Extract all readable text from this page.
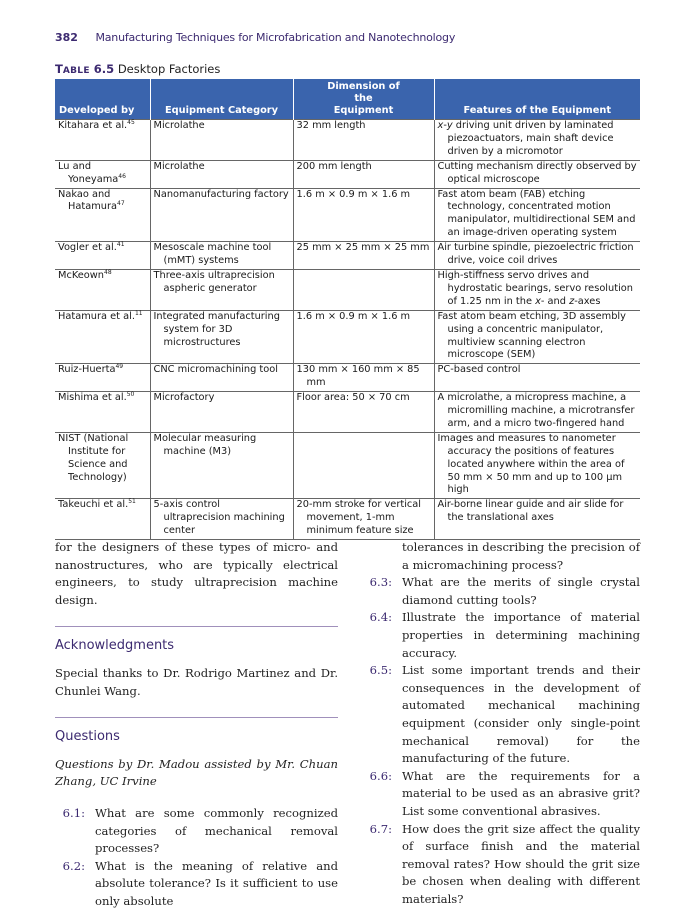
382 Manufacturing Techniques for Microfabrication and Nanotechnology
TABLE 6.5 Desktop Factories
Developed by	Equipment Category	Dimension of the Equipment	Features of the Equipment

Kitahara et al.$^{45}$	Microlathe	32 mm length	x-y driving unit driven by laminated piezoactuators, main shaft device driven by a micromotor

Lu and Yoneyama$^{46}$	Microlathe	200 mm length	Cutting mechanism directly observed by optical microscope

Nakao and Hatamura$^{47}$	Nanomanufacturing factory	1.6 m × 0.9 m × 1.6 m	Fast atom beam (FAB) etching technology, concentrated motion manipulator, multidirectional SEM and an image-driven operating system

Vogler et al.$^{41}$	Mesoscale machine tool (mMT) systems	25 mm × 25 mm × 25 mm	Air turbine spindle, piezoelectric friction drive, voice coil drives

McKeown$^{48}$	Three-axis ultraprecision aspheric generator		High-stiffness servo drives and hydrostatic bearings, servo resolution of 1.25 nm in the x- and z-axes

Hatamura et al.$^{11}$	Integrated manufacturing system for 3D microstructures	1.6 m × 0.9 m × 1.6 m	Fast atom beam etching, 3D assembly using a concentric manipulator, multiview scanning electron microscope (SEM)

Ruiz-Huerta$^{49}$	CNC micromachining tool	130 mm × 160 mm × 85 mm	PC-based control

Mishima et al.$^{50}$	Microfactory	Floor area: 50 × 70 cm	A microlathe, a micropress machine, a micromilling machine, a microtransfer arm, and a micro two-fingered hand

NIST (National Institute for Science and Technology)	Molecular measuring machine (M3)		Images and measures to nanometer accuracy the positions of features located anywhere within the area of 50 mm × 50 mm and up to 100 μm high

Takeuchi et al.$^{51}$	5-axis control ultraprecision machining center	20-mm stroke for vertical movement, 1-mm minimum feature size	Air-borne linear guide and air slide for the translational axes

for the designers of these types of micro- and nanostructures, who are typically electrical engineers, to study ultraprecision machine design.

Acknowledgments

Special thanks to Dr. Rodrigo Martinez and Dr. Chunlei Wang.

Questions

Questions by Dr. Madou assisted by Mr. Chuan Zhang, UC Irvine

6.1: What are some commonly recognized categories of mechanical removal processes?

6.2: What is the meaning of relative and absolute tolerance? Is it sufficient to use only absolute

tolerances in describing the precision of a micromachining process?

6.3: What are the merits of single crystal diamond cutting tools?

6.4: Illustrate the importance of material properties in determining machining accuracy.

6.5: List some important trends and their consequences in the development of automated mechanical machining equipment (consider only single-point mechanical removal) for the manufacturing of the future.

6.6: What are the requirements for a material to be used as an abrasive grit? List some conventional abrasives.

6.7: How does the grit size affect the quality of surface finish and the material removal rates? How should the grit size be chosen when dealing with different materials?
